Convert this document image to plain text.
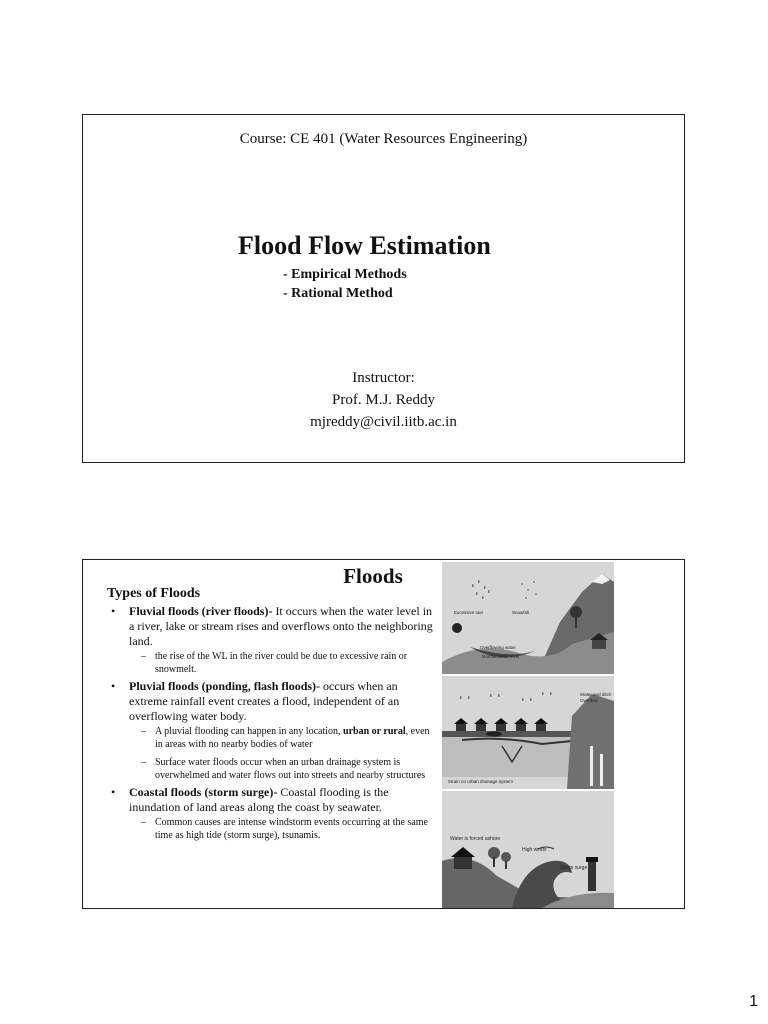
Course: CE 401 (Water Resources Engineering)
Flood Flow Estimation
- Empirical Methods
- Rational Method
Instructor:
Prof. M.J. Reddy
mjreddy@civil.iitb.ac.in
Floods
Types of Floods
• Fluvial floods (river floods)- It occurs when the water level in a river, lake or stream rises and overflows onto the neighboring land.
– the rise of the WL in the river could be due to excessive rain or snowmelt.
• Pluvial floods (ponding, flash floods)- occurs when an extreme rainfall event creates a flood, independent of an overflowing water body.
– A pluvial flooding can happen in any location, urban or rural, even in areas with no nearby bodies of water
– Surface water floods occur when an urban drainage system is overwhelmed and water flows out into streets and nearby structures
• Coastal floods (storm surge)- Coastal flooding is the inundation of land areas along the coast by seawater.
– Common causes are intense windstorm events occurring at the same time as high tide (storm surge), tsunamis.
Excessive rain	Snowfall
Overflowing water
Normal water level
Water and ditch
Overflow
Strain on urban drainage system
Water is forced ashore
High winds
Storm surge
1
